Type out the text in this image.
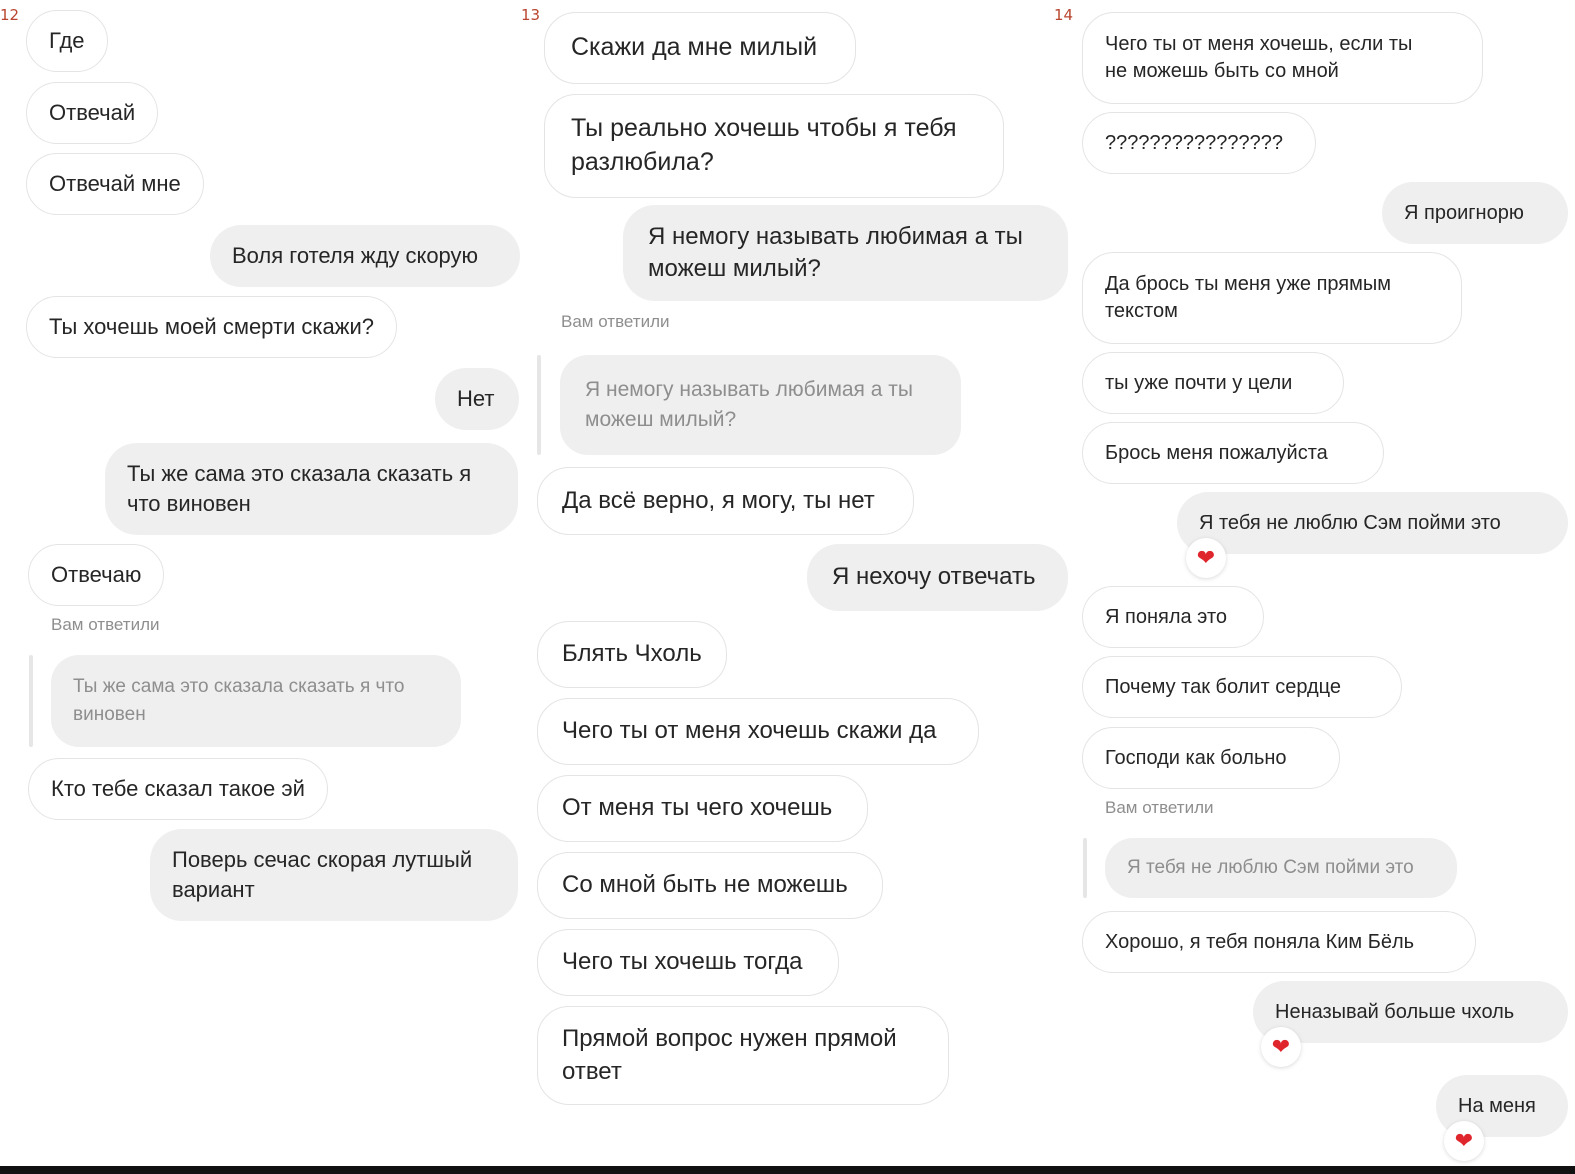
12
Где
Отвечай
Отвечай мне
Воля готеля жду скорую
Ты хочешь моей смерти скажи?
Нет
Ты же сама это сказала сказать я
что виновен
Отвечаю
Вам ответили
Ты же сама это сказала сказать я что
виновен
Кто тебе сказал такое эй
Поверь сечас скорая лутшый
вариант
13
Скажи да мне милый
Ты реально хочешь чтобы я тебя
разлюбила?
Я немогу называть любимая а ты
можеш милый?
Вам ответили
Я немогу называть любимая а ты
можеш милый?
Да всё верно, я могу, ты нет
Я нехочу отвечать
Блять Чхоль
Чего ты от меня хочешь скажи да
От меня ты чего хочешь
Со мной быть не можешь
Чего ты хочешь тогда
Прямой вопрос нужен прямой
ответ
14
Чего ты от меня хочешь, если ты
не можешь быть со мной
????????????????
Я проигнорю
Да брось ты меня уже прямым
текстом
ты уже почти у цели
Брось меня пожалуйста
Я тебя не люблю Сэм пойми это
❤
Я поняла это
Почему так болит сердце
Господи как больно
Вам ответили
Я тебя не люблю Сэм пойми это
Хорошо, я тебя поняла Ким Бёль
Неназывай больше чхоль
❤
На меня
❤
